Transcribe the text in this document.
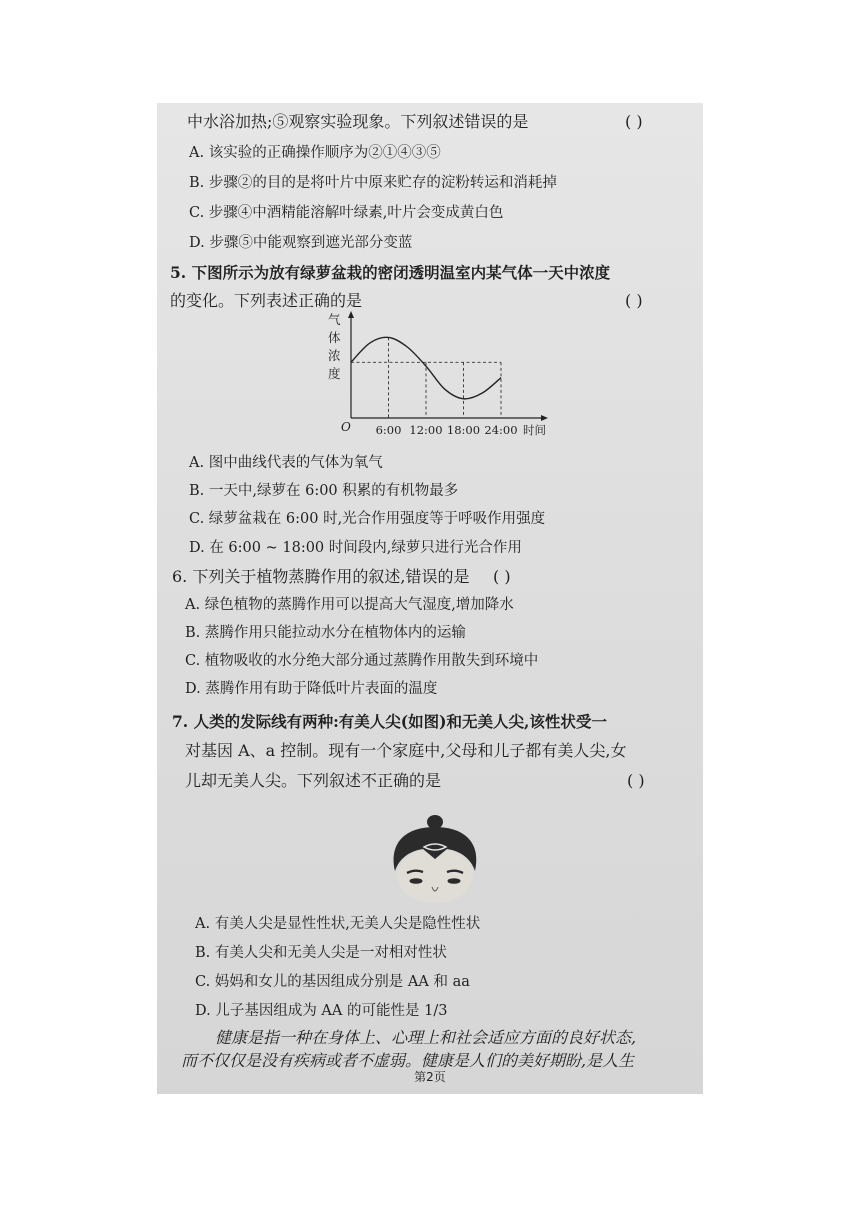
中水浴加热;⑤观察实验现象。下列叙述错误的是	( )
A. 该实验的正确操作顺序为②①④③⑤
B. 步骤②的目的是将叶片中原来贮存的淀粉转运和消耗掉
C. 步骤④中酒精能溶解叶绿素,叶片会变成黄白色
D. 步骤⑤中能观察到遮光部分变蓝
5. 下图所示为放有绿萝盆栽的密闭透明温室内某气体一天中浓度
的变化。下列表述正确的是	( )
气
体
浓
度
O 6:00 12:00 18:00 24:00 时间
A. 图中曲线代表的气体为氧气
B. 一天中,绿萝在 6:00 积累的有机物最多
C. 绿萝盆栽在 6:00 时,光合作用强度等于呼吸作用强度
D. 在 6:00 ~ 18:00 时间段内,绿萝只进行光合作用
6. 下列关于植物蒸腾作用的叙述,错误的是 ( )
A. 绿色植物的蒸腾作用可以提高大气湿度,增加降水
B. 蒸腾作用只能拉动水分在植物体内的运输
C. 植物吸收的水分绝大部分通过蒸腾作用散失到环境中
D. 蒸腾作用有助于降低叶片表面的温度
7. 人类的发际线有两种:有美人尖(如图)和无美人尖,该性状受一
对基因 A、a 控制。现有一个家庭中,父母和儿子都有美人尖,女
儿却无美人尖。下列叙述不正确的是	( )
A. 有美人尖是显性性状,无美人尖是隐性性状
B. 有美人尖和无美人尖是一对相对性状
C. 妈妈和女儿的基因组成分别是 AA 和 aa
D. 儿子基因组成为 AA 的可能性是 1/3
健康是指一种在身体上、心理上和社会适应方面的良好状态,
而不仅仅是没有疾病或者不虚弱。健康是人们的美好期盼,是人生
第2页
